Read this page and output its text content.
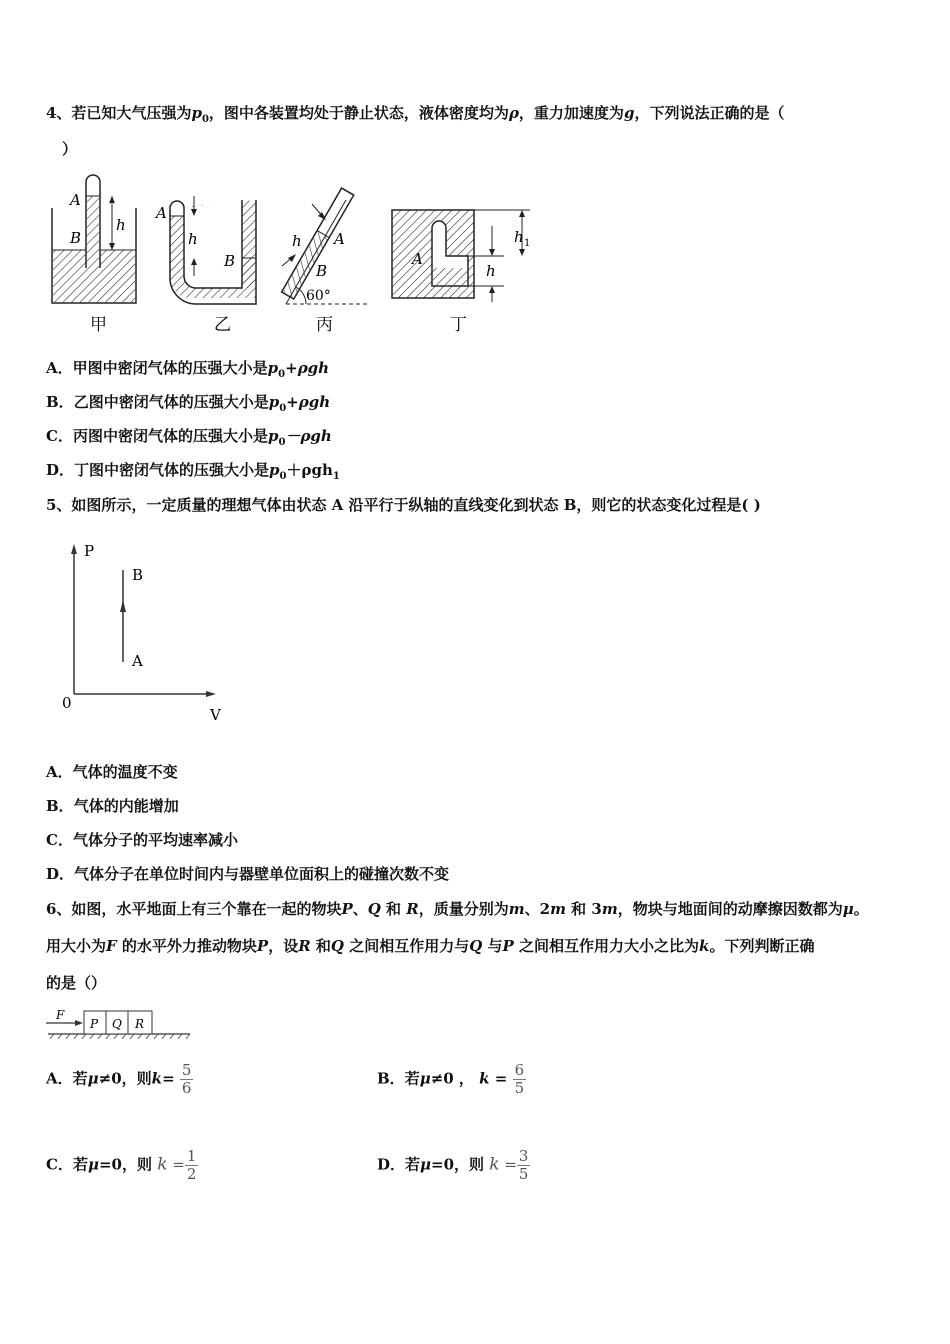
4、若已知大气压强为$p_0$，图中各装置均处于静止状态，液体密度均为ρ，重力加速度为g，下列说法正确的是（
）
A
B
h
A
h
B
60°
h A
B
A
h
h 1
甲	乙	丙	丁
A．甲图中密闭气体的压强大小是$p_0+\rho gh$
B．乙图中密闭气体的压强大小是$p_0+\rho gh$
C．丙图中密闭气体的压强大小是$p_0-\rho gh$
D．丁图中密闭气体的压强大小是$p_0+\rho gh_1$
5、如图所示，一定质量的理想气体由状态 A 沿平行于纵轴的直线变化到状态 B，则它的状态变化过程是( )
P
V
0
B
A
A．气体的温度不变
B．气体的内能增加
C．气体分子的平均速率减小
D．气体分子在单位时间内与器壁单位面积上的碰撞次数不变
6、如图，水平地面上有三个靠在一起的物块P、Q 和 R，质量分别为m、2m 和 3m，物块与地面间的动摩擦因数都为μ。
用大小为F 的水平外力推动物块P，设R 和Q 之间相互作用力与Q 与P 之间相互作用力大小之比为k。下列判断正确
的是（）
F
P Q R
A．若μ≠0，则$k= \frac{5}{6}$	B．若μ≠0 ， $k = \frac{6}{5}$
C．若μ=0，则 $k = \frac{1}{2}$	D．若μ=0，则 $k = \frac{3}{5}$
